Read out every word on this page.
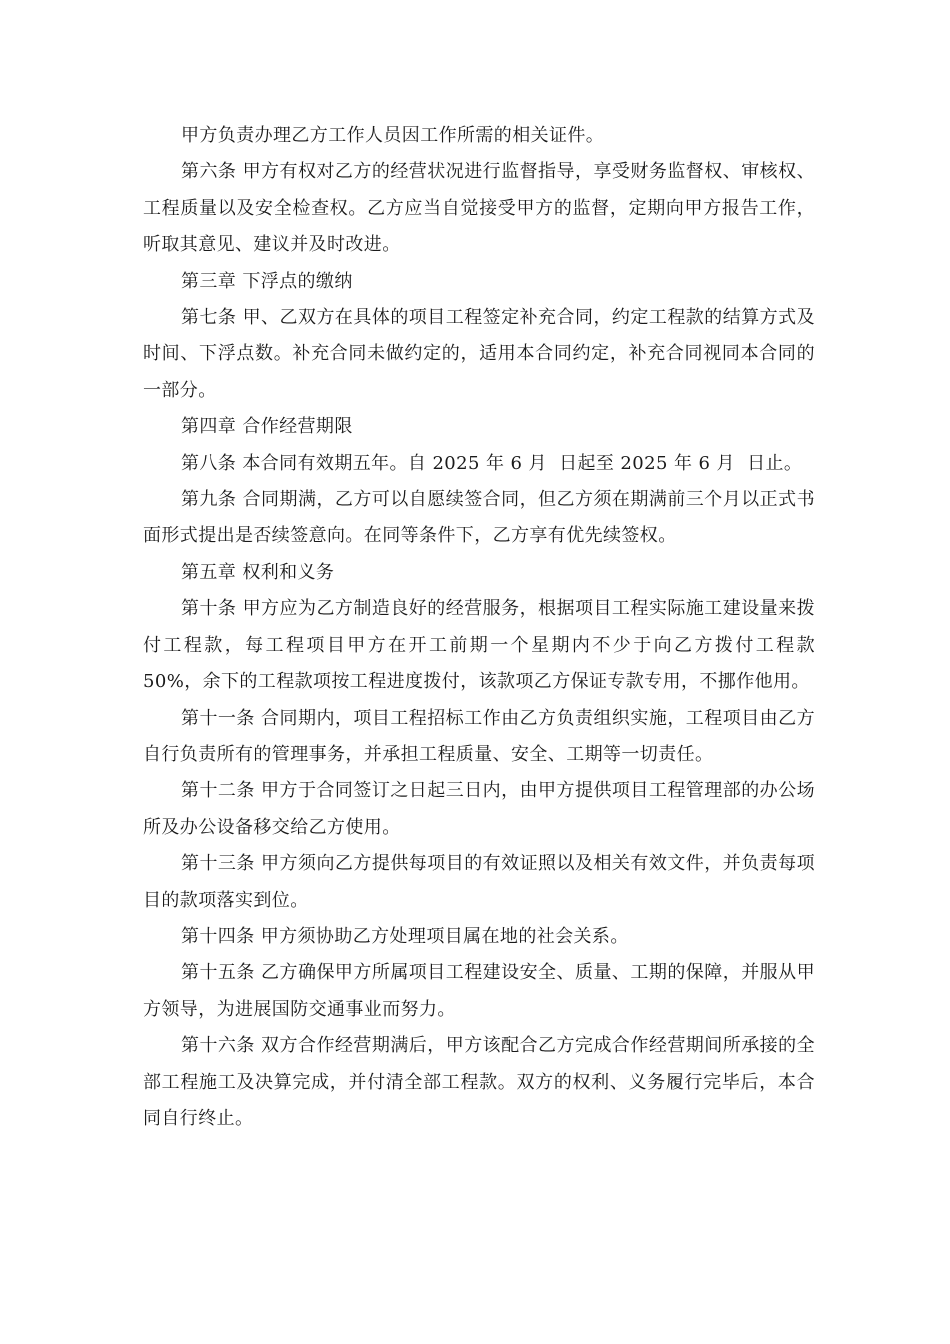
甲方负责办理乙方工作人员因工作所需的相关证件。

第六条 甲方有权对乙方的经营状况进行监督指导，享受财务监督权、审核权、工程质量以及安全检查权。乙方应当自觉接受甲方的监督，定期向甲方报告工作，听取其意见、建议并及时改进。

第三章 下浮点的缴纳

第七条 甲、乙双方在具体的项目工程签定补充合同，约定工程款的结算方式及时间、下浮点数。补充合同未做约定的，适用本合同约定，补充合同视同本合同的一部分。

第四章 合作经营期限

第八条 本合同有效期五年。自 2025 年 6 月  日起至 2025 年 6 月  日止。

第九条 合同期满，乙方可以自愿续签合同，但乙方须在期满前三个月以正式书面形式提出是否续签意向。在同等条件下，乙方享有优先续签权。

第五章 权利和义务

第十条 甲方应为乙方制造良好的经营服务，根据项目工程实际施工建设量来拨付工程款，每工程项目甲方在开工前期一个星期内不少于向乙方拨付工程款 50%，余下的工程款项按工程进度拨付，该款项乙方保证专款专用，不挪作他用。

第十一条 合同期内，项目工程招标工作由乙方负责组织实施，工程项目由乙方自行负责所有的管理事务，并承担工程质量、安全、工期等一切责任。

第十二条 甲方于合同签订之日起三日内，由甲方提供项目工程管理部的办公场所及办公设备移交给乙方使用。

第十三条 甲方须向乙方提供每项目的有效证照以及相关有效文件，并负责每项目的款项落实到位。

第十四条 甲方须协助乙方处理项目属在地的社会关系。

第十五条 乙方确保甲方所属项目工程建设安全、质量、工期的保障，并服从甲方领导，为进展国防交通事业而努力。

第十六条 双方合作经营期满后，甲方该配合乙方完成合作经营期间所承接的全部工程施工及决算完成，并付清全部工程款。双方的权利、义务履行完毕后，本合同自行终止。
